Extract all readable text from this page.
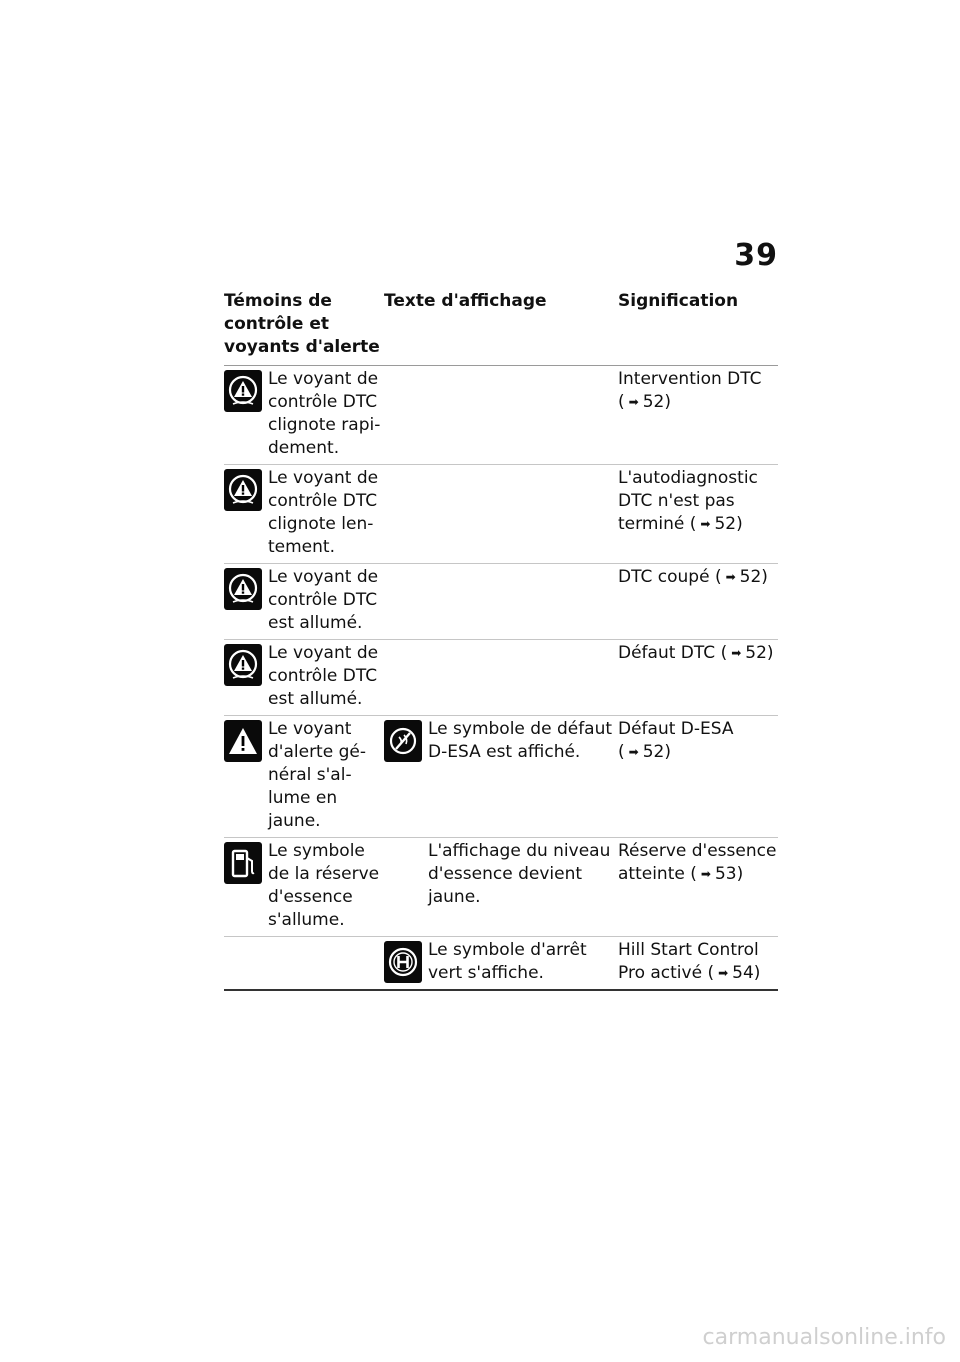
39
Témoins de contrôle et voyants d'alerte
Texte d'affichage	Signification
Le voyant de contrôle DTC clignote rapidement.
Intervention DTC ( ➡ 52)
Le voyant de contrôle DTC clignote lentement.
L'autodiagnostic DTC n'est pas terminé ( ➡ 52)
Le voyant de contrôle DTC est allumé.
DTC coupé ( ➡ 52)
Le voyant de contrôle DTC est allumé.
Défaut DTC ( ➡ 52)
Le voyant d'alerte général s'allume en jaune.
Le symbole de défaut D-ESA est affiché.
Défaut D-ESA ( ➡ 52)
Le symbole de la réserve d'essence s'allume.
L'affichage du niveau d'essence devient jaune.
Réserve d'essence atteinte ( ➡ 53)
Le symbole d'arrêt vert s'affiche.
Hill Start Control Pro activé ( ➡ 54)
carmanualsonline.info
